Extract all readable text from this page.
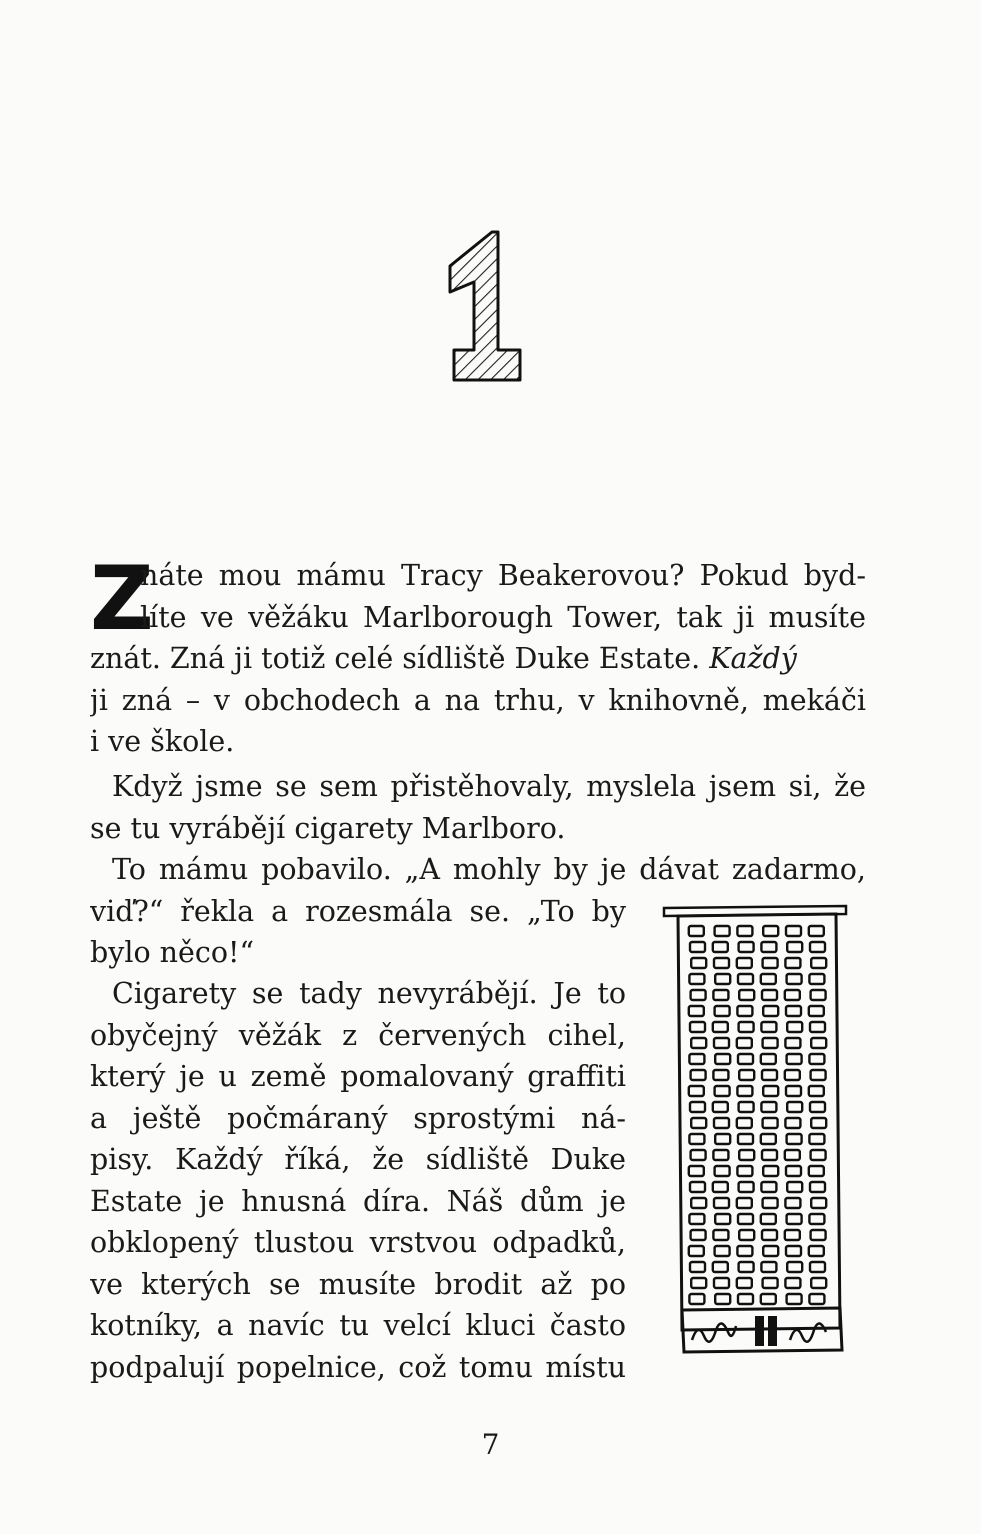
Z
náte mou mámu Tracy Beakerovou? Pokud byd-
líte ve věžáku Marlborough Tower, tak ji musíte
znát. Zná ji totiž celé sídliště Duke Estate. Každý
ji zná – v obchodech a na trhu, v knihovně, mekáči
i ve škole.
Když jsme se sem přistěhovaly, myslela jsem si, že
se tu vyrábějí cigarety Marlboro.
To mámu pobavilo. „A mohly by je dávat zadarmo,
viď?“ řekla a rozesmála se. „To by
bylo něco!“
Cigarety se tady nevyrábějí. Je to
obyčejný věžák z červených cihel,
který je u země pomalovaný graffiti
a ještě počmáraný sprostými ná-
pisy. Každý říká, že sídliště Duke
Estate je hnusná díra. Náš dům je
obklopený tlustou vrstvou odpadků,
ve kterých se musíte brodit až po
kotníky, a navíc tu velcí kluci často
podpalují popelnice, což tomu místu
7
